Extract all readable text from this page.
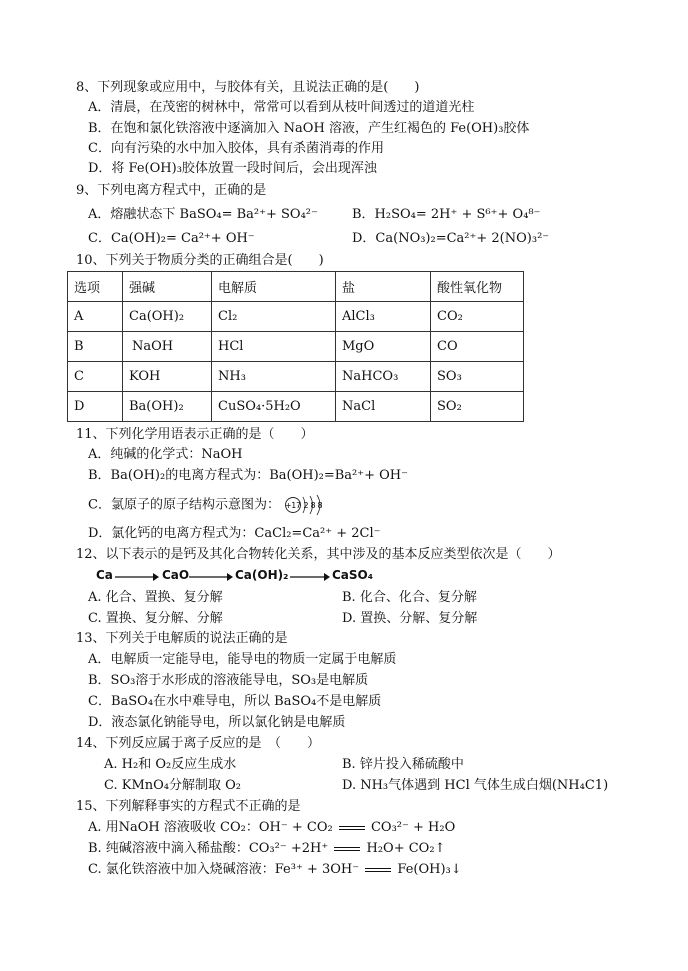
8、下列现象或应用中，与胶体有关，且说法正确的是(　　)
A．清晨，在茂密的树林中，常常可以看到从枝叶间透过的道道光柱
B．在饱和氯化铁溶液中逐滴加入 NaOH 溶液，产生红褐色的 Fe(OH)₃胶体
C．向有污染的水中加入胶体，具有杀菌消毒的作用
D．将 Fe(OH)₃胶体放置一段时间后，会出现浑浊
9、下列电离方程式中，正确的是
A．熔融状态下 BaSO₄= Ba²⁺+ SO₄²⁻	B．H₂SO₄= 2H⁺ + S⁶⁺+ O₄⁸⁻
C．Ca(OH)₂= Ca²⁺+ OH⁻	D．Ca(NO₃)₂=Ca²⁺+ 2(NO)₃²⁻
10、下列关于物质分类的正确组合是(　　)
选项	强碱	电解质	盐	酸性氧化物
A	Ca(OH)₂	Cl₂	AlCl₃	CO₂
B	NaOH	HCl	MgO	CO
C	KOH	NH₃	NaHCO₃	SO₃
D	Ba(OH)₂	CuSO₄·5H₂O	NaCl	SO₂
11、下列化学用语表示正确的是（　　）
A．纯碱的化学式：NaOH
B．Ba(OH)₂的电离方程式为：Ba(OH)₂=Ba²⁺+ OH⁻
C．氯原子的原子结构示意图为： +17 2 8 8
D．氯化钙的电离方程式为：CaCl₂=Ca²⁺ + 2Cl⁻
12、以下表示的是钙及其化合物转化关系，其中涉及的基本反应类型依次是（　　）
Ca	CaO	Ca(OH)₂	CaSO₄
A. 化合、置换、复分解	B. 化合、化合、复分解
C. 置换、复分解、分解	D. 置换、分解、复分解
13、下列关于电解质的说法正确的是
A．电解质一定能导电，能导电的物质一定属于电解质
B．SO₃溶于水形成的溶液能导电，SO₃是电解质
C．BaSO₄在水中难导电，所以 BaSO₄不是电解质
D．液态氯化钠能导电，所以氯化钠是电解质
14、下列反应属于离子反应的是　（　　）
A. H₂和 O₂反应生成水	B. 锌片投入稀硫酸中
C. KMnO₄分解制取 O₂	D. NH₃气体遇到 HCl 气体生成白烟(NH₄C1)
15、下列解释事实的方程式不正确的是
A. 用NaOH 溶液吸收 CO₂：OH⁻ + CO₂	CO₃²⁻ + H₂O
B. 纯碱溶液中滴入稀盐酸：CO₃²⁻ +2H⁺	H₂O+ CO₂↑
C. 氯化铁溶液中加入烧碱溶液：Fe³⁺ + 3OH⁻	Fe(OH)₃↓
